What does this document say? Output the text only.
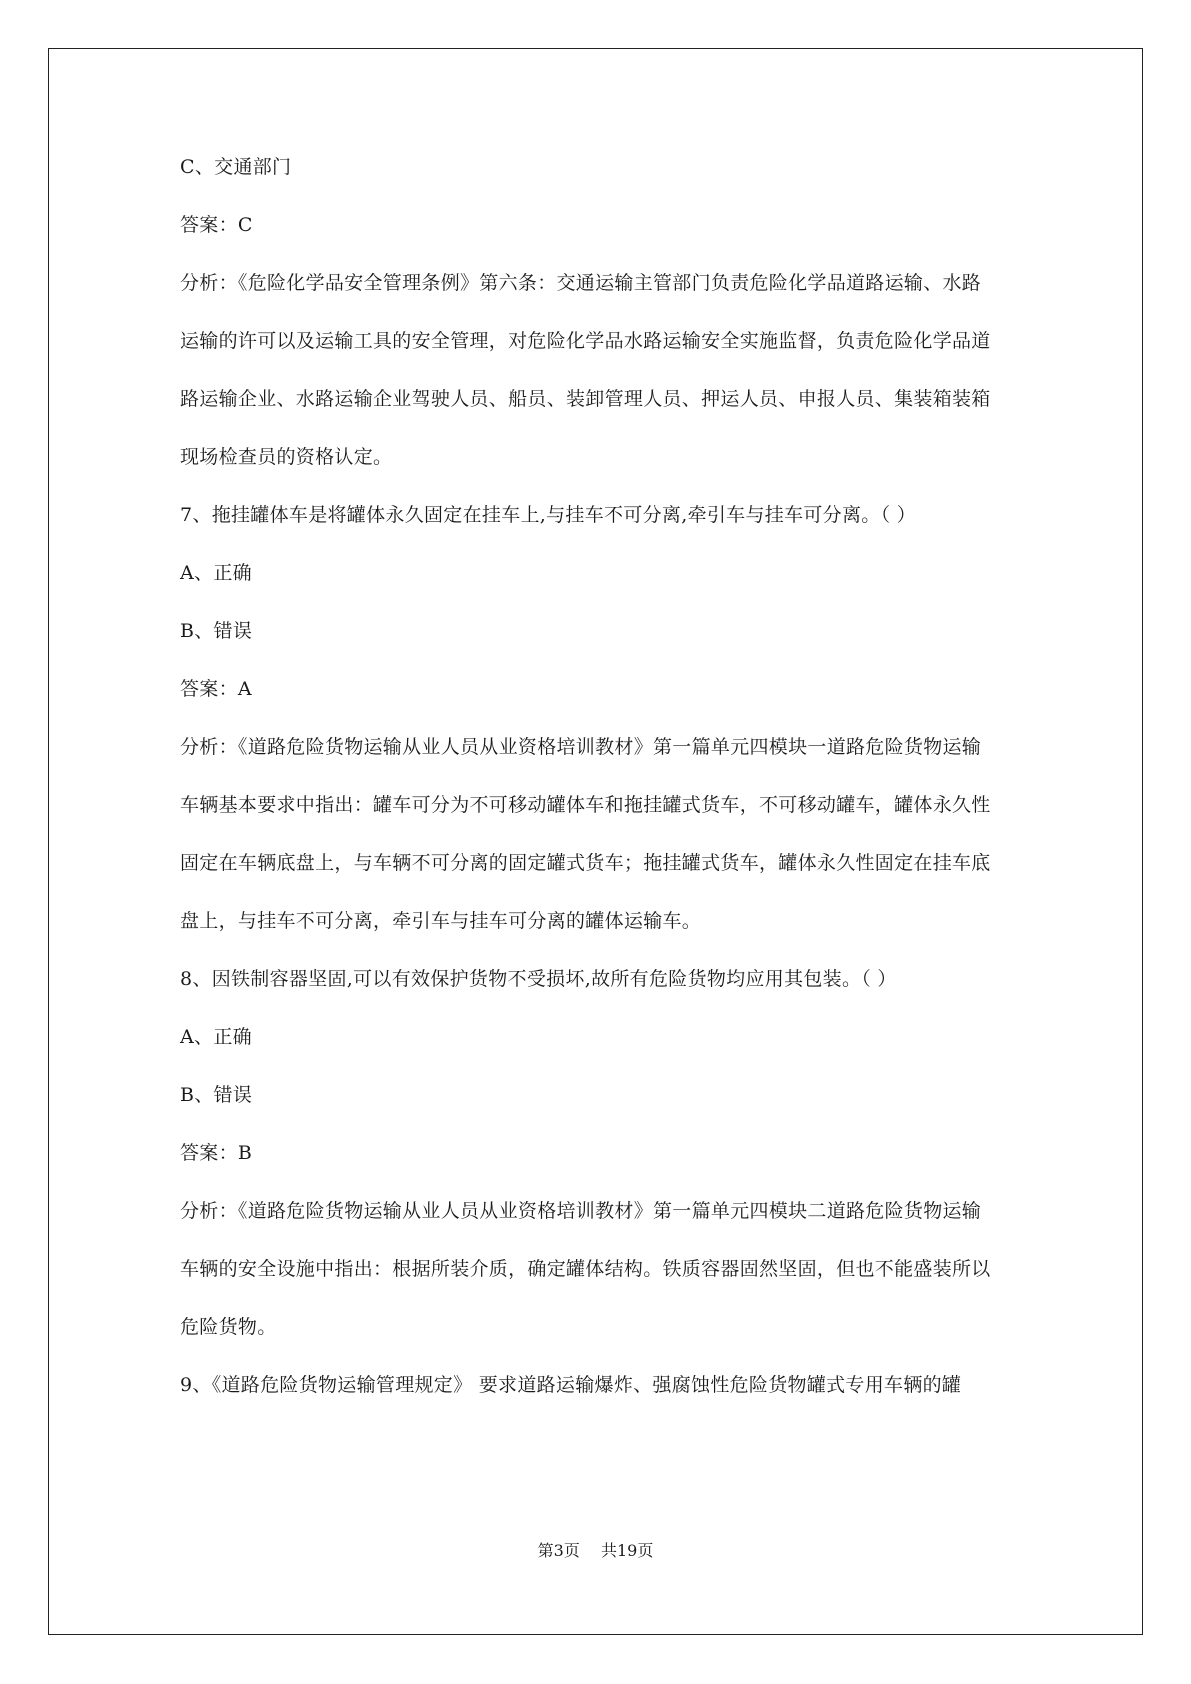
C、交通部门
答案：C
分析：《危险化学品安全管理条例》第六条：交通运输主管部门负责危险化学品道路运输、水路
运输的许可以及运输工具的安全管理，对危险化学品水路运输安全实施监督，负责危险化学品道
路运输企业、水路运输企业驾驶人员、船员、装卸管理人员、押运人员、申报人员、集装箱装箱
现场检查员的资格认定。
7、拖挂罐体车是将罐体永久固定在挂车上,与挂车不可分离,牵引车与挂车可分离。（ ）
A、正确
B、错误
答案：A
分析：《道路危险货物运输从业人员从业资格培训教材》第一篇单元四模块一道路危险货物运输
车辆基本要求中指出：罐车可分为不可移动罐体车和拖挂罐式货车，不可移动罐车，罐体永久性
固定在车辆底盘上，与车辆不可分离的固定罐式货车；拖挂罐式货车，罐体永久性固定在挂车底
盘上，与挂车不可分离，牵引车与挂车可分离的罐体运输车。
8、因铁制容器坚固,可以有效保护货物不受损坏,故所有危险货物均应用其包装。（ ）
A、正确
B、错误
答案：B
分析：《道路危险货物运输从业人员从业资格培训教材》第一篇单元四模块二道路危险货物运输
车辆的安全设施中指出：根据所装介质，确定罐体结构。铁质容器固然坚固，但也不能盛装所以
危险货物。
9、《道路危险货物运输管理规定》 要求道路运输爆炸、强腐蚀性危险货物罐式专用车辆的罐
第3页 共19页
